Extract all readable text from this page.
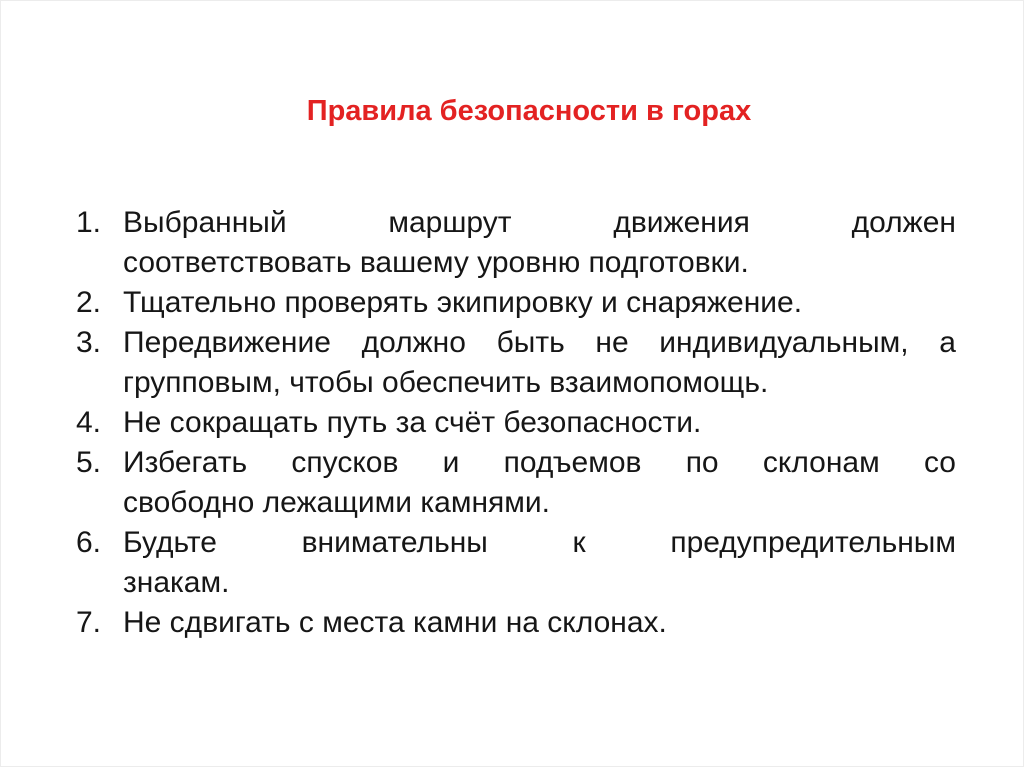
Правила безопасности в горах
1. Выбранный маршрут движения должен
соответствовать вашему уровню подготовки.
2. Тщательно проверять экипировку и снаряжение.
3. Передвижение должно быть не индивидуальным, а
групповым, чтобы обеспечить взаимопомощь.
4. Не сокращать путь за счёт безопасности.
5. Избегать спусков и подъемов по склонам со
свободно лежащими камнями.
6. Будьте внимательны к предупредительным
знакам.
7. Не сдвигать с места камни на склонах.
